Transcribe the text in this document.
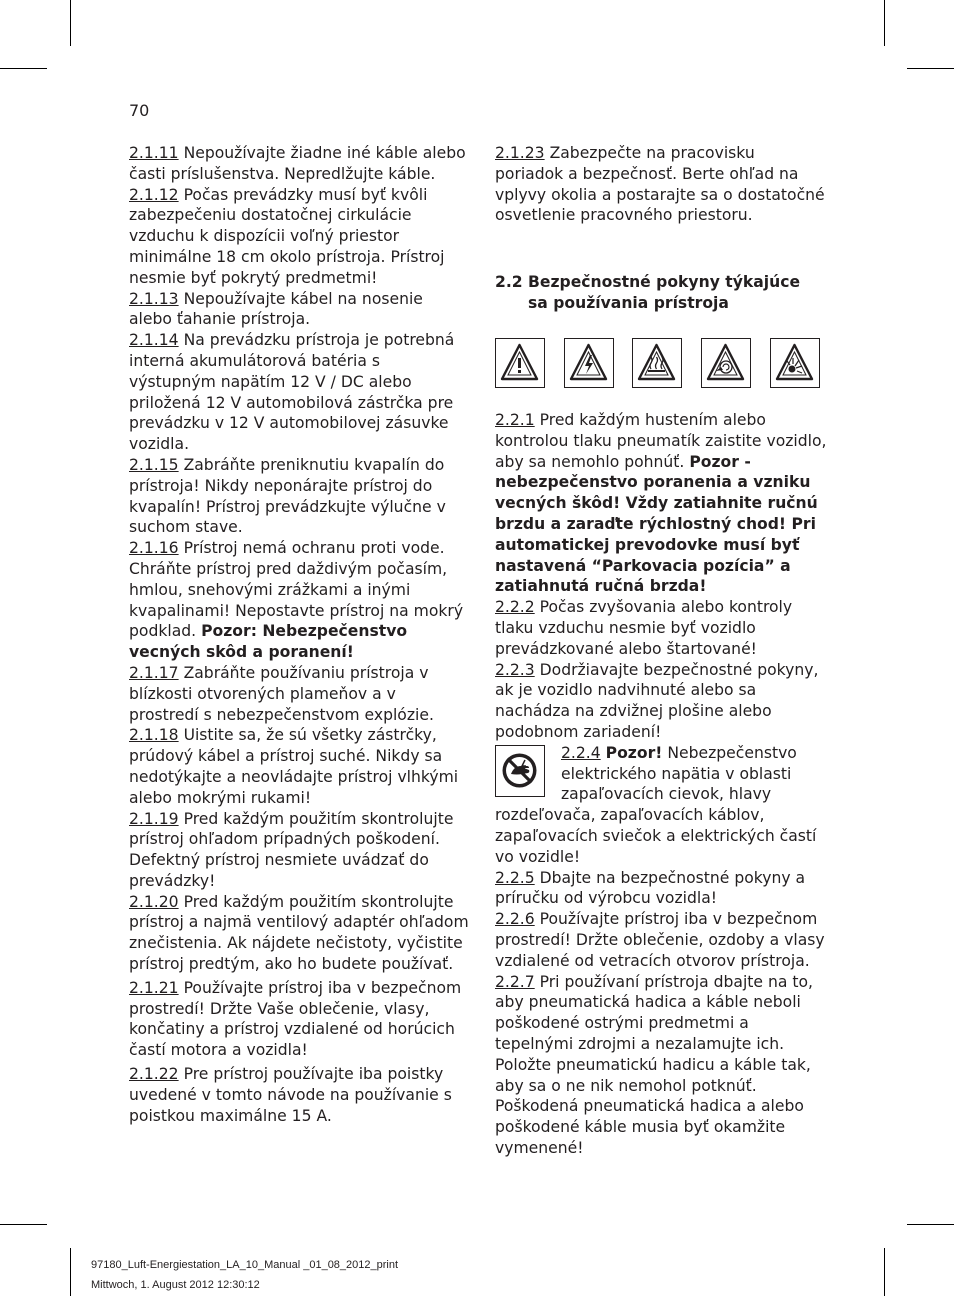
70

2.1.11 Nepoužívajte žiadne iné káble alebo časti príslušenstva. Nepredlžujte káble.

2.1.12 Počas prevádzky musí byť kvôli zabezpečeniu dostatočnej cirkulácie vzduchu k dispozícii voľný priestor minimálne 18 cm okolo prístroja. Prístroj nesmie byť pokrytý predmetmi!

2.1.13 Nepoužívajte kábel na nosenie alebo ťahanie prístroja.

2.1.14 Na prevádzku prístroja je potrebná interná akumulátorová batéria s výstupným napätím 12 V / DC alebo priložená 12 V automobilová zástrčka pre prevádzku v 12 V automobilovej zásuvke vozidla.

2.1.15 Zabráňte preniknutiu kvapalín do prístroja! Nikdy neponárajte prístroj do kvapalín! Prístroj prevádzkujte výlučne v suchom stave.

2.1.16 Prístroj nemá ochranu proti vode. Chráňte prístroj pred daždivým počasím, hmlou, snehovými zrážkami a inými kvapalinami! Nepostavte prístroj na mokrý podklad. Pozor: Nebezpečenstvo vecných skôd a poranení!

2.1.17 Zabráňte používaniu prístroja v blízkosti otvorených plameňov a v prostredí s nebezpečenstvom explózie.

2.1.18 Uistite sa, že sú všetky zástrčky, prúdový kábel a prístroj suché. Nikdy sa nedotýkajte a neovládajte prístroj vlhkými alebo mokrými rukami!

2.1.19 Pred každým použitím skontrolujte prístroj ohľadom prípadných poškodení. Defektný prístroj nesmiete uvádzať do prevádzky!

2.1.20 Pred každým použitím skontrolujte prístroj a najmä ventilový adaptér ohľadom znečistenia. Ak nájdete nečistoty, vyčistite prístroj predtým, ako ho budete používať.

2.1.21 Používajte prístroj iba v bezpečnom prostredí! Držte Vaše oblečenie, vlasy, končatiny a prístroj vzdialené od horúcich častí motora a vozidla!

2.1.22 Pre prístroj používajte iba poistky uvedené v tomto návode na používanie s poistkou maximálne 15 A.

2.1.23 Zabezpečte na pracovisku poriadok a bezpečnosť. Berte ohľad na vplyvy okolia a postarajte sa o dostatočné osvetlenie pracovného priestoru.

2.2 Bezpečnostné pokyny týkajúce sa používania prístroja

2.2.1 Pred každým hustením alebo kontrolou tlaku pneumatík zaistite vozidlo, aby sa nemohlo pohnúť. Pozor - nebezpečenstvo poranenia a vzniku vecných škôd! Vždy zatiahnite ručnú brzdu a zaraďte rýchlostný chod! Pri automatickej prevodovke musí byť nastavená “Parkovacia pozícia” a zatiahnutá ručná brzda!

2.2.2 Počas zvyšovania alebo kontroly tlaku vzduchu nesmie byť vozidlo prevádzkované alebo štartované!

2.2.3 Dodržiavajte bezpečnostné pokyny, ak je vozidlo nadvihnuté alebo sa nachádza na zdvižnej plošine alebo podobnom zariadení!

2.2.4 Pozor! Nebezpečenstvo elektrického napätia v oblasti zapaľovacích cievok, hlavy rozdeľovača, zapaľovacích káblov, zapaľovacích sviečok a elektrických častí vo vozidle!

2.2.5 Dbajte na bezpečnostné pokyny a príručku od výrobcu vozidla!

2.2.6 Používajte prístroj iba v bezpečnom prostredí! Držte oblečenie, ozdoby a vlasy vzdialené od vetracích otvorov prístroja.

2.2.7 Pri používaní prístroja dbajte na to, aby pneumatická hadica a káble neboli poškodené ostrými predmetmi a tepelnými zdrojmi a nezalamujte ich. Položte pneumatickú hadicu a káble tak, aby sa o ne nik nemohol potknúť. Poškodená pneumatická hadica a alebo poškodené káble musia byť okamžite vymenené!

97180_Luft-Energiestation_LA_10_Manual _01_08_2012_print
Mittwoch, 1. August 2012 12:30:12
